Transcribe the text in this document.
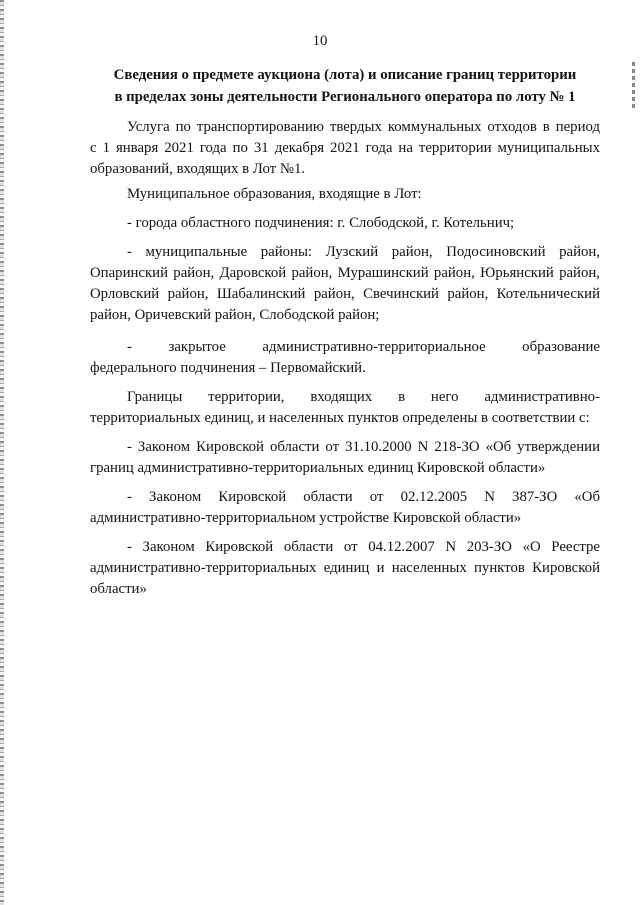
10
Сведения о предмете аукциона (лота) и описание границ территории
в пределах зоны деятельности Регионального оператора по лоту № 1
Услуга по транспортированию твердых коммунальных отходов в период
с 1 января 2021 года по 31 декабря 2021 года на территории муниципальных
образований, входящих в Лот №1.
Муниципальное образования, входящие в Лот:
- города областного подчинения: г. Слободской, г. Котельнич;
- муниципальные районы: Лузский район, Подосиновский район,
Опаринский район, Даровской район, Мурашинский район, Юрьянский район,
Орловский район, Шабалинский район, Свечинский район, Котельнический
район, Оричевский район, Слободской район;
- закрытое административно-территориальное образование
федерального подчинения – Первомайский.
Границы территории, входящих в него административно-
территориальных единиц, и населенных пунктов определены в соответствии с:
- Законом Кировской области от 31.10.2000 N 218-ЗО «Об утверждении
границ административно-территориальных единиц Кировской области»
- Законом Кировской области от 02.12.2005 N 387-ЗО «Об
административно-территориальном устройстве Кировской области»
- Законом Кировской области от 04.12.2007 N 203-ЗО «О Реестре
административно-территориальных единиц и населенных пунктов Кировской
области»
